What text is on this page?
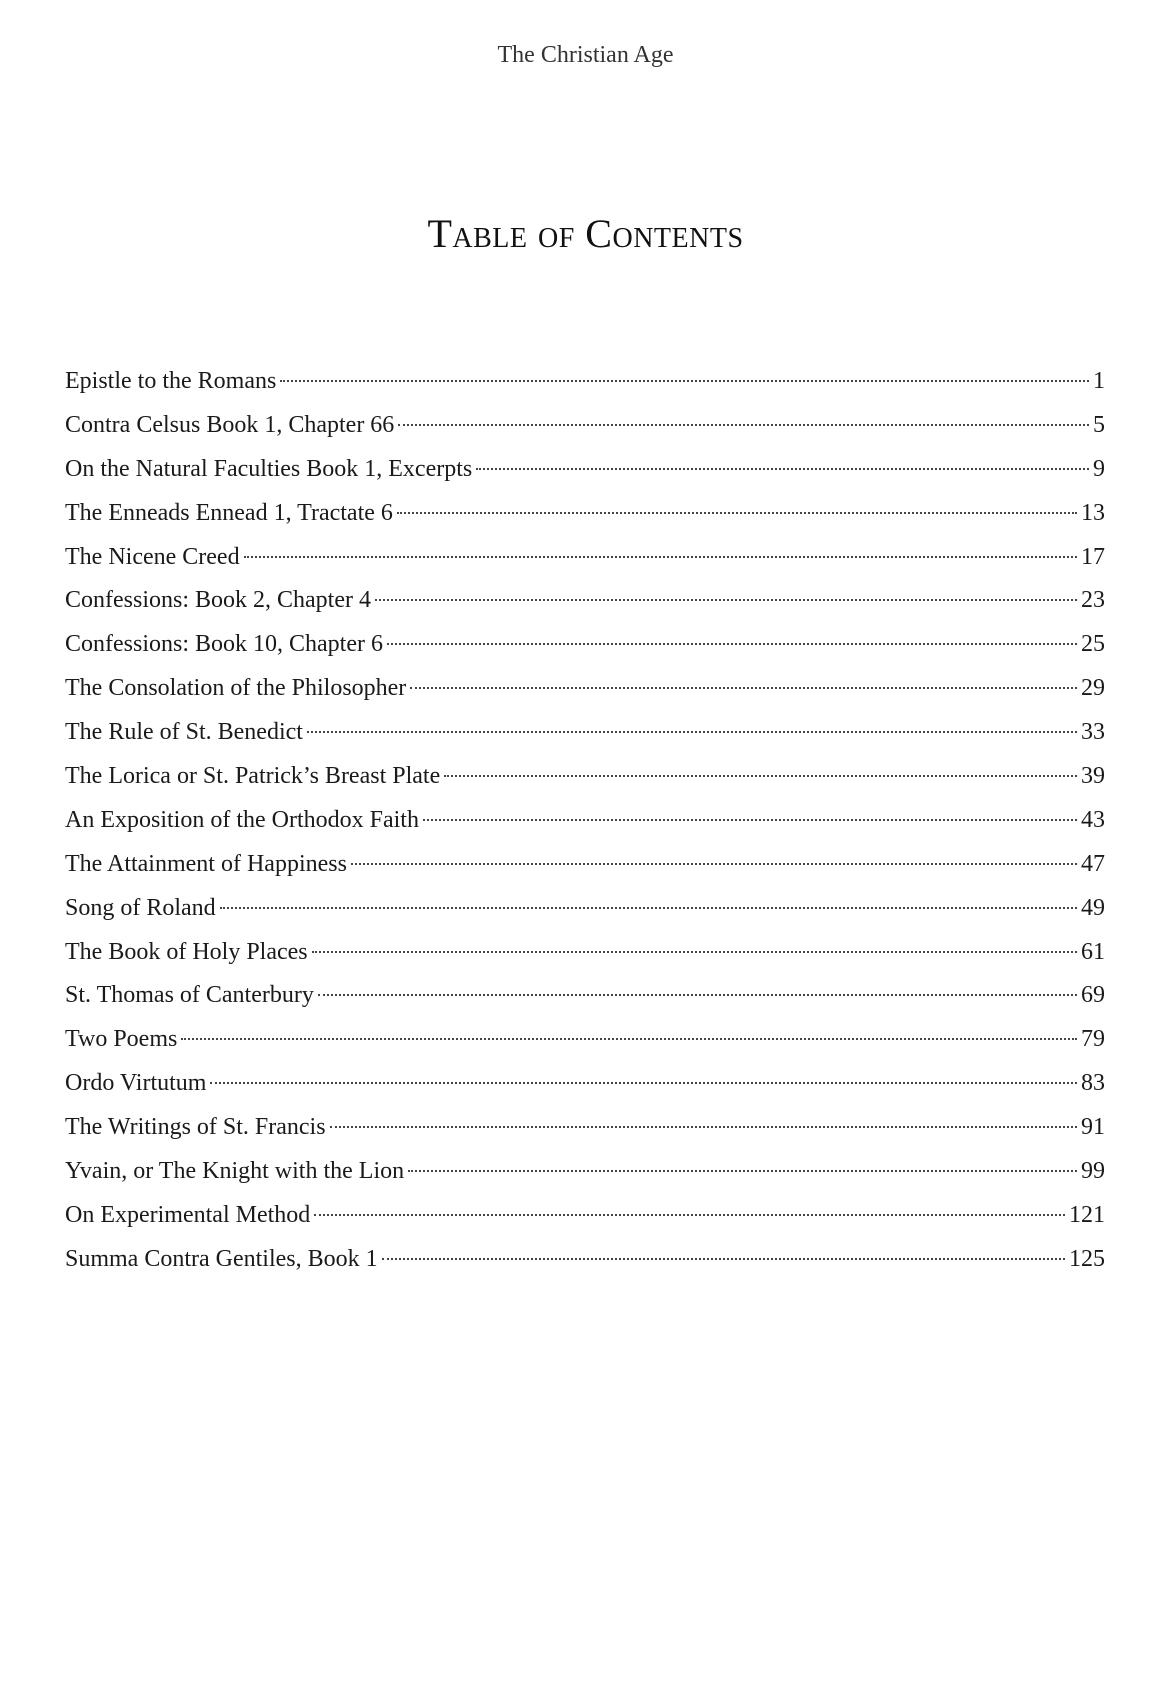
The Christian Age
Table of Contents
Epistle to the Romans	1
Contra Celsus Book 1, Chapter 66	5
On the Natural Faculties Book 1, Excerpts	9
The Enneads Ennead 1, Tractate 6	13
The Nicene Creed	17
Confessions: Book 2, Chapter 4	23
Confessions: Book 10, Chapter 6	25
The Consolation of the Philosopher	29
The Rule of St. Benedict	33
The Lorica or St. Patrick’s Breast Plate	39
An Exposition of the Orthodox Faith	43
The Attainment of Happiness	47
Song of Roland	49
The Book of Holy Places	61
St. Thomas of Canterbury	69
Two Poems	79
Ordo Virtutum	83
The Writings of St. Francis	91
Yvain, or The Knight with the Lion	99
On Experimental Method	121
Summa Contra Gentiles, Book 1	125
